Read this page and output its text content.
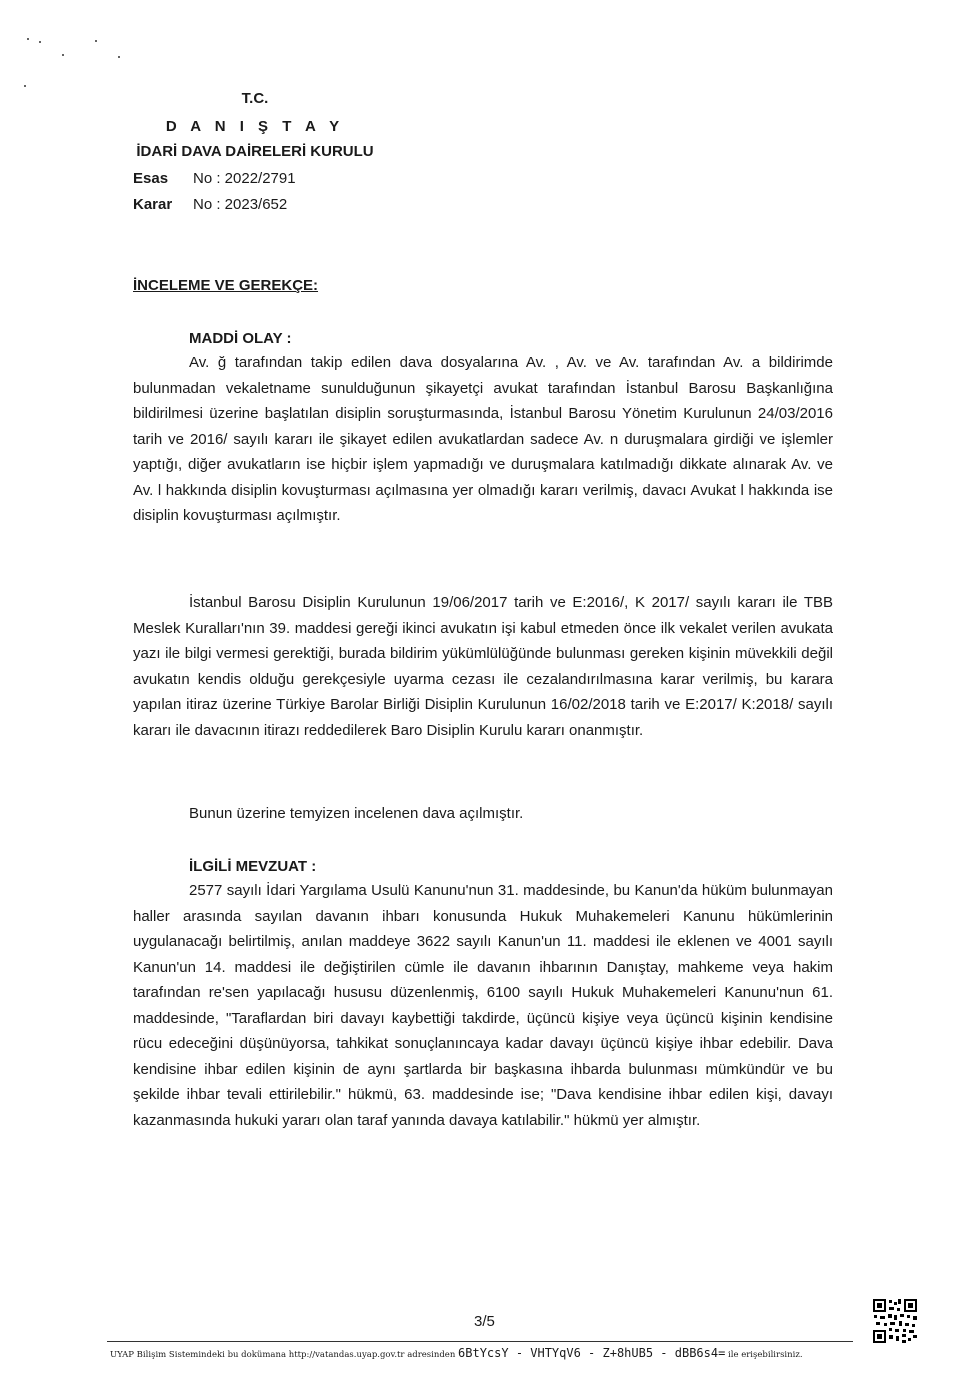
T.C.
D A N I Ş T A Y
İDARİ DAVA DAİRELERİ KURULU
Esas No : 2022/2791
Karar No : 2023/652
İNCELEME VE GEREKÇE:
MADDİ OLAY :

Av. ğ tarafından takip edilen dava dosyalarına Av. , Av. ve Av. tarafından Av. a bildirimde bulunmadan vekaletname sunulduğunun şikayetçi avukat tarafından İstanbul Barosu Başkanlığına bildirilmesi üzerine başlatılan disiplin soruşturmasında, İstanbul Barosu Yönetim Kurulunun 24/03/2016 tarih ve 2016/ sayılı kararı ile şikayet edilen avukatlardan sadece Av. n duruşmalara girdiği ve işlemler yaptığı, diğer avukatların ise hiçbir işlem yapmadığı ve duruşmalara katılmadığı dikkate alınarak Av. ve Av. l hakkında disiplin kovuşturması açılmasına yer olmadığı kararı verilmiş, davacı Avukat l hakkında ise disiplin kovuşturması açılmıştır.

İstanbul Barosu Disiplin Kurulunun 19/06/2017 tarih ve E:2016/, K 2017/ sayılı kararı ile TBB Meslek Kuralları'nın 39. maddesi gereği ikinci avukatın işi kabul etmeden önce ilk vekalet verilen avukata yazı ile bilgi vermesi gerektiği, burada bildirim yükümlülüğünde bulunması gereken kişinin müvekkili değil avukatın kendis olduğu gerekçesiyle uyarma cezası ile cezalandırılmasına karar verilmiş, bu karara yapılan itiraz üzerine Türkiye Barolar Birliği Disiplin Kurulunun 16/02/2018 tarih ve E:2017/ K:2018/ sayılı kararı ile davacının itirazı reddedilerek Baro Disiplin Kurulu kararı onanmıştır.

Bunun üzerine temyizen incelenen dava açılmıştır.
İLGİLİ MEVZUAT :

2577 sayılı İdari Yargılama Usulü Kanunu'nun 31. maddesinde, bu Kanun'da hüküm bulunmayan haller arasında sayılan davanın ihbarı konusunda Hukuk Muhakemeleri Kanunu hükümlerinin uygulanacağı belirtilmiş, anılan maddeye 3622 sayılı Kanun'un 11. maddesi ile eklenen ve 4001 sayılı Kanun'un 14. maddesi ile değiştirilen cümle ile davanın ihbarının Danıştay, mahkeme veya hakim tarafından re'sen yapılacağı hususu düzenlenmiş, 6100 sayılı Hukuk Muhakemeleri Kanunu'nun 61. maddesinde, "Taraflardan biri davayı kaybettiği takdirde, üçüncü kişiye veya üçüncü kişinin kendisine rücu edeceğini düşünüyorsa, tahkikat sonuçlanıncaya kadar davayı üçüncü kişiye ihbar edebilir. Dava kendisine ihbar edilen kişinin de aynı şartlarda bir başkasına ihbarda bulunması mümkündür ve bu şekilde ihbar tevali ettirilebilir." hükmü, 63. maddesinde ise; "Dava kendisine ihbar edilen kişi, davayı kazanmasında hukuki yararı olan taraf yanında davaya katılabilir." hükmü yer almıştır.

3/5
UYAP Bilişim Sistemindeki bu dokümana http://vatandas.uyap.gov.tr adresinden 6BtYcsY - VHTYqV6 - Z+8hUB5 - dBB6s4= ile erişebilirsiniz.
